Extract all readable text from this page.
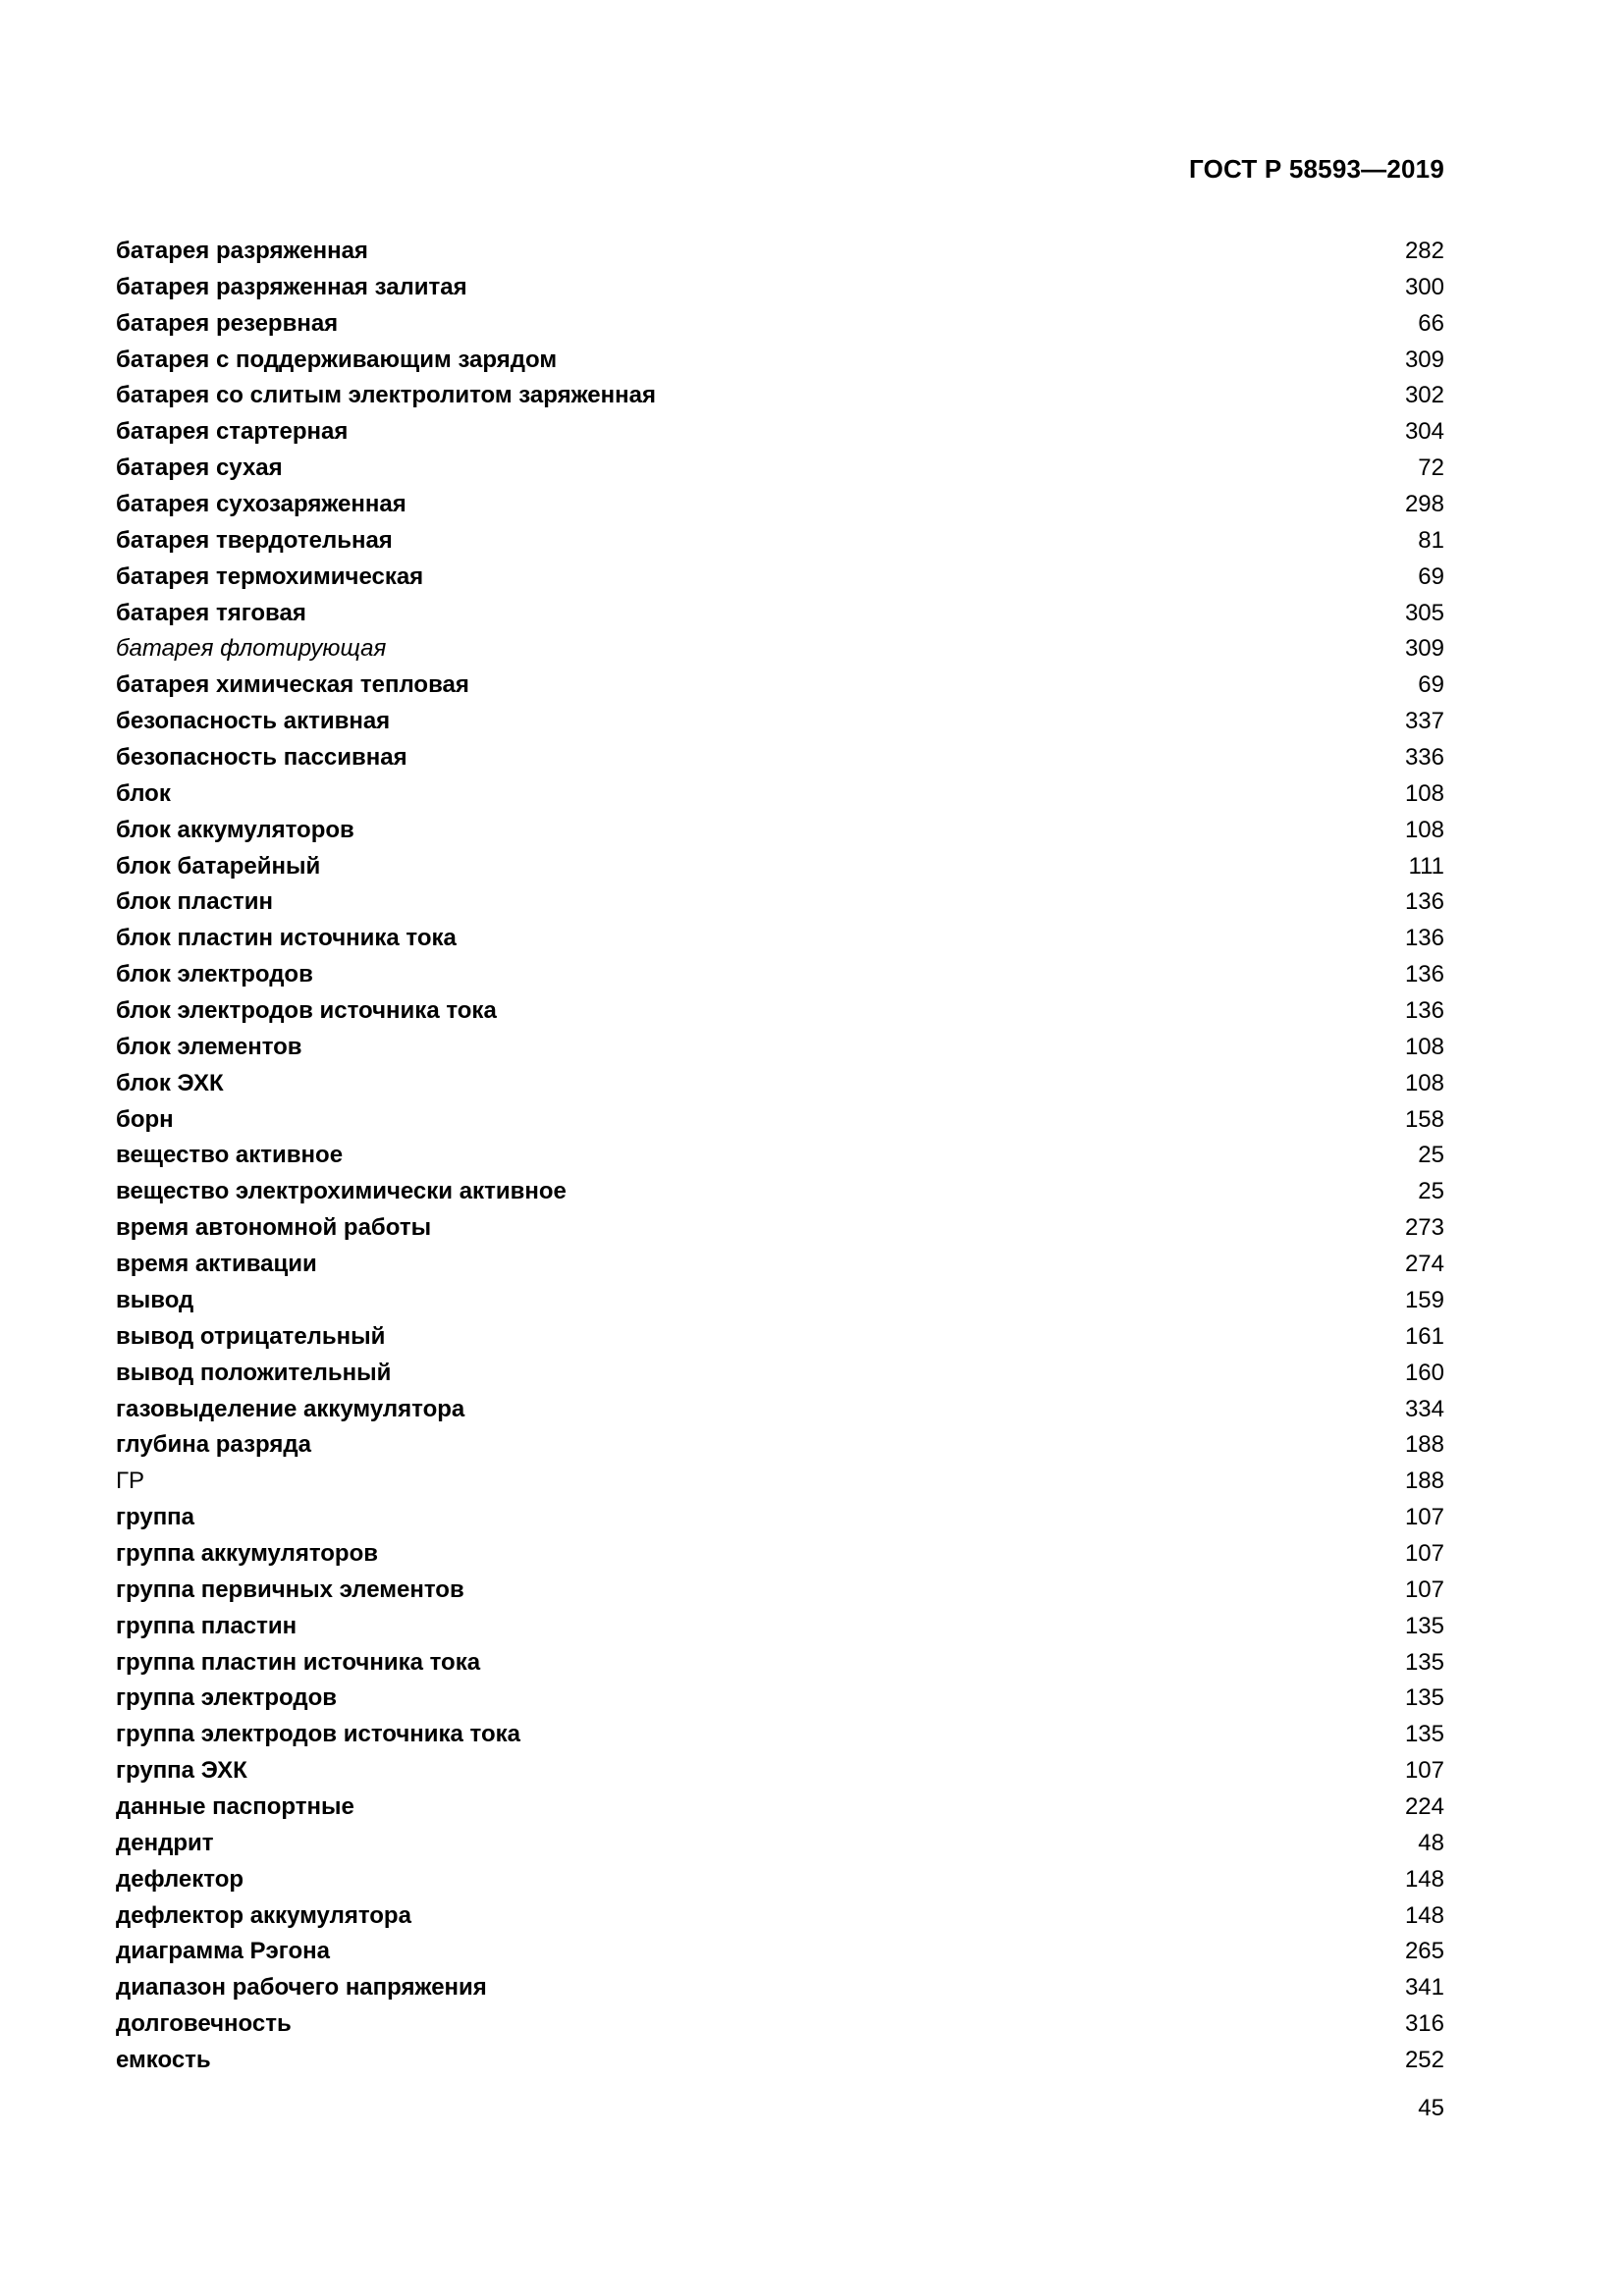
ГОСТ Р 58593—2019
батарея разряженная	282
батарея разряженная залитая	300
батарея резервная	66
батарея с поддерживающим зарядом	309
батарея со слитым электролитом заряженная	302
батарея стартерная	304
батарея сухая	72
батарея сухозаряженная	298
батарея твердотельная	81
батарея термохимическая	69
батарея тяговая	305
батарея флотирующая	309
батарея химическая тепловая	69
безопасность активная	337
безопасность пассивная	336
блок	108
блок аккумуляторов	108
блок батарейный	111
блок пластин	136
блок пластин источника тока	136
блок электродов	136
блок электродов источника тока	136
блок элементов	108
блок ЭХК	108
борн	158
вещество активное	25
вещество электрохимически активное	25
время автономной работы	273
время активации	274
вывод	159
вывод отрицательный	161
вывод положительный	160
газовыделение аккумулятора	334
глубина разряда	188
ГР	188
группа	107
группа аккумуляторов	107
группа первичных элементов	107
группа пластин	135
группа пластин источника тока	135
группа электродов	135
группа электродов источника тока	135
группа ЭХК	107
данные паспортные	224
дендрит	48
дефлектор	148
дефлектор аккумулятора	148
диаграмма Рэгона	265
диапазон рабочего напряжения	341
долговечность	316
емкость	252
45
